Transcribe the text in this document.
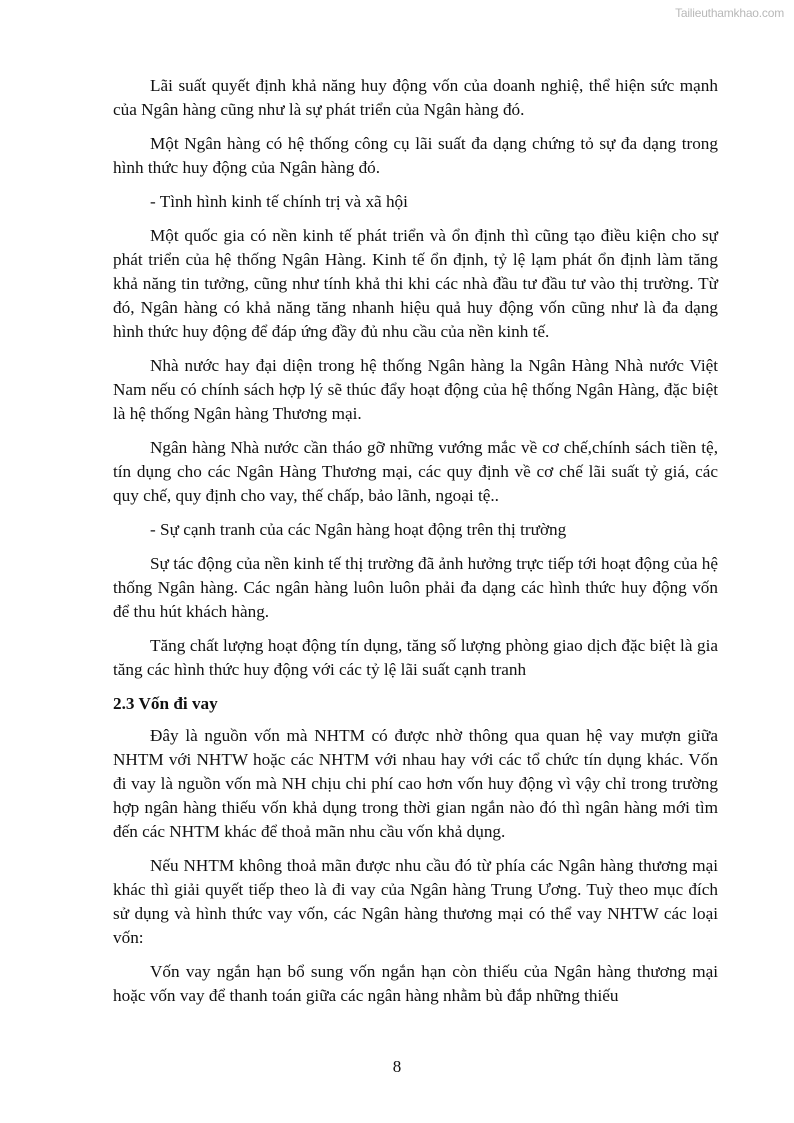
Tailieuthamkhao.com

Lãi suất quyết định khả năng huy động vốn của doanh nghiệ, thể hiện sức mạnh của Ngân hàng cũng như là sự phát triển của Ngân hàng đó.

Một Ngân hàng có hệ thống công cụ lãi suất đa dạng chứng tỏ sự đa dạng trong hình thức huy động của Ngân hàng đó.

- Tình hình kinh tế chính trị và xã hội

Một quốc gia có nền kinh tế phát triển và ổn định thì cũng tạo điều kiện cho sự phát triển của hệ thống Ngân Hàng. Kinh tế ổn định, tỷ lệ lạm phát ổn định làm tăng khả năng tin tưởng, cũng như tính khả thi khi các nhà đầu tư đầu tư vào thị trường. Từ đó, Ngân hàng có khả năng tăng nhanh hiệu quả huy động vốn cũng như là đa dạng hình thức huy động để đáp ứng đầy đủ nhu cầu của nền kinh tế.

Nhà nước hay đại diện trong hệ thống Ngân hàng la Ngân Hàng Nhà nước Việt Nam nếu có chính sách hợp lý sẽ thúc đẩy hoạt động của hệ thống Ngân Hàng, đặc biệt là hệ thống Ngân hàng Thương mại.

Ngân hàng Nhà nước cần tháo gỡ những vướng mắc về cơ chế,chính sách tiền tệ, tín dụng cho các Ngân Hàng Thương mại, các quy định về cơ chế lãi suất tỷ giá, các quy chế, quy định cho vay, thế chấp, bảo lãnh, ngoại tệ..

- Sự cạnh tranh của các Ngân hàng hoạt động trên thị trường

Sự tác động của nền kinh tế thị trường đã ảnh hưởng trực tiếp tới hoạt động của hệ thống Ngân hàng. Các ngân hàng luôn luôn phải đa dạng các hình thức huy động vốn để thu hút khách hàng.

Tăng chất lượng hoạt động tín dụng, tăng số lượng phòng giao dịch đặc biệt là gia tăng các hình thức huy động với các tỷ lệ lãi suất cạnh tranh

2.3 Vốn đi vay

Đây là nguồn vốn mà NHTM có được nhờ thông qua quan hệ vay mượn giữa NHTM với NHTW hoặc các NHTM với nhau hay với các tổ chức tín dụng khác. Vốn đi vay là nguồn vốn mà NH chịu chi phí cao hơn vốn huy động vì vậy chỉ trong trường hợp ngân hàng thiếu vốn khả dụng trong thời gian ngắn nào đó thì ngân hàng mới tìm đến các NHTM khác để thoả mãn nhu cầu vốn khả dụng.

Nếu NHTM không thoả mãn được nhu cầu đó từ phía các Ngân hàng thương mại khác thì giải quyết tiếp theo là đi vay của Ngân hàng Trung Ương. Tuỳ theo mục đích sử dụng và hình thức vay vốn, các Ngân hàng thương mại có thể vay NHTW các loại vốn:

Vốn vay ngắn hạn bổ sung vốn ngắn hạn còn thiếu của Ngân hàng thương mại hoặc vốn vay để thanh toán giữa các ngân hàng nhằm bù đắp những thiếu

8
